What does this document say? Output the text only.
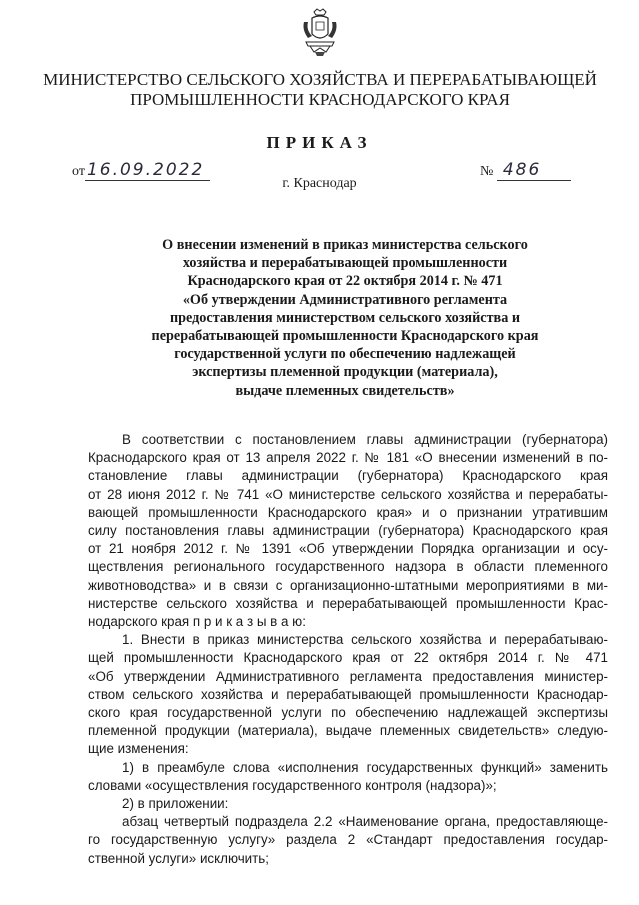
МИНИСТЕРСТВО СЕЛЬСКОГО ХОЗЯЙСТВА И ПЕРЕРАБАТЫВАЮЩЕЙ
ПРОМЫШЛЕННОСТИ КРАСНОДАРСКОГО КРАЯ
ПРИКАЗ
от 16.09.2022	№ 486
г. Краснодар
О внесении изменений в приказ министерства сельского
хозяйства и перерабатывающей промышленности
Краснодарского края от 22 октября 2014 г. № 471
«Об утверждении Административного регламента
предоставления министерством сельского хозяйства и
перерабатывающей промышленности Краснодарского края
государственной услуги по обеспечению надлежащей
экспертизы племенной продукции (материала),
выдаче племенных свидетельств»
В соответствии с постановлением главы администрации (губернатора)
Краснодарского края от 13 апреля 2022 г. № 181 «О внесении изменений в по-
становление главы администрации (губернатора) Краснодарского края
от 28 июня 2012 г. № 741 «О министерстве сельского хозяйства и перерабаты-
вающей промышленности Краснодарского края» и о признании утратившим
силу постановления главы администрации (губернатора) Краснодарского края
от 21 ноября 2012 г. № 1391 «Об утверждении Порядка организации и осу-
ществления регионального государственного надзора в области племенного
животноводства» и в связи с организационно-штатными мероприятиями в ми-
нистерстве сельского хозяйства и перерабатывающей промышленности Крас-
нодарского края п р и к а з ы в а ю:
1. Внести в приказ министерства сельского хозяйства и перерабатываю-
щей промышленности Краснодарского края от 22 октября 2014 г. № 471
«Об утверждении Административного регламента предоставления министер-
ством сельского хозяйства и перерабатывающей промышленности Краснодар-
ского края государственной услуги по обеспечению надлежащей экспертизы
племенной продукции (материала), выдаче племенных свидетельств» следую-
щие изменения:
1) в преамбуле слова «исполнения государственных функций» заменить
словами «осуществления государственного контроля (надзора)»;
2) в приложении:
абзац четвертый подраздела 2.2 «Наименование органа, предоставляюще-
го государственную услугу» раздела 2 «Стандарт предоставления государ-
ственной услуги» исключить;
